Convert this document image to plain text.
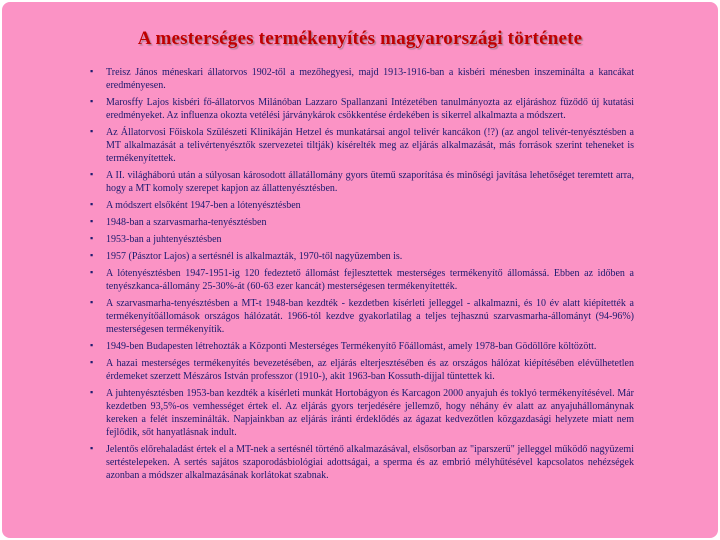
A mesterséges termékenyítés magyarországi története
▪ Treisz János méneskari állatorvos 1902-től a mezőhegyesi, majd 1913-1916-ban a kisbéri ménesben inszeminálta a kancákat eredményesen.
▪ Marosffy Lajos kisbéri fő-állatorvos Milánóban Lazzaro Spallanzani Intézetében tanulmányozta az eljáráshoz fűződő új kutatási eredményeket. Az influenza okozta vetélési járványkárok csökkentése érdekében is sikerrel alkalmazta a módszert.
▪ Az Állatorvosi Főiskola Szülészeti Klinikáján Hetzel és munkatársai angol telivér kancákon (!?) (az angol telivér-tenyésztésben a MT alkalmazását a telivértenyésztők szervezetei tiltják) kísérelték meg az eljárás alkalmazását, más források szerint teheneket is termékenyítettek.
▪ A II. világháború után a súlyosan károsodott állatállomány gyors ütemű szaporítása és minőségi javítása lehetőséget teremtett arra, hogy a MT komoly szerepet kapjon az állattenyésztésben.
▪ A módszert elsőként 1947-ben a lótenyésztésben
▪ 1948-ban a szarvasmarha-tenyésztésben
▪ 1953-ban a juhtenyésztésben
▪ 1957 (Pásztor Lajos) a sertésnél is alkalmazták, 1970-től nagyüzemben is.
▪ A lótenyésztésben 1947-1951-ig 120 fedeztető állomást fejlesztettek mesterséges termékenyítő állomássá. Ebben az időben a tenyészkanca-állomány 25-30%-át (60-63 ezer kancát) mesterségesen termékenyítették.
▪ A szarvasmarha-tenyésztésben a MT-t 1948-ban kezdték - kezdetben kísérleti jelleggel - alkalmazni, és 10 év alatt kiépítették a termékenyítőállomások országos hálózatát. 1966-tól kezdve gyakorlatilag a teljes tejhasznú szarvasmarha-állományt (94-96%) mesterségesen termékenyítik.
▪ 1949-ben Budapesten létrehozták a Központi Mesterséges Termékenyítő Főállomást, amely 1978-ban Gödöllőre költözött.
▪ A hazai mesterséges termékenyítés bevezetésében, az eljárás elterjesztésében és az országos hálózat kiépítésében elévülhetetlen érdemeket szerzett Mészáros István professzor (1910-), akit 1963-ban Kossuth-díjjal tüntettek ki.
▪ A juhtenyésztésben 1953-ban kezdték a kísérleti munkát Hortobágyon és Karcagon 2000 anyajuh és toklyó termékenyítésével. Már kezdetben 93,5%-os vemhességet értek el. Az eljárás gyors terjedésére jellemző, hogy néhány év alatt az anyajuhállománynak kereken a felét inszeminálták. Napjainkban az eljárás iránti érdeklődés az ágazat kedvezőtlen közgazdasági helyzete miatt nem fejlődik, sőt hanyatlásnak indult.
▪ Jelentős előrehaladást értek el a MT-nek a sertésnél történő alkalmazásával, elsősorban az "iparszerű" jelleggel működő nagyüzemi sertéstelepeken. A sertés sajátos szaporodásbiológiai adottságai, a sperma és az embrió mélyhűtésével kapcsolatos nehézségek azonban a módszer alkalmazásának korlátokat szabnak.
